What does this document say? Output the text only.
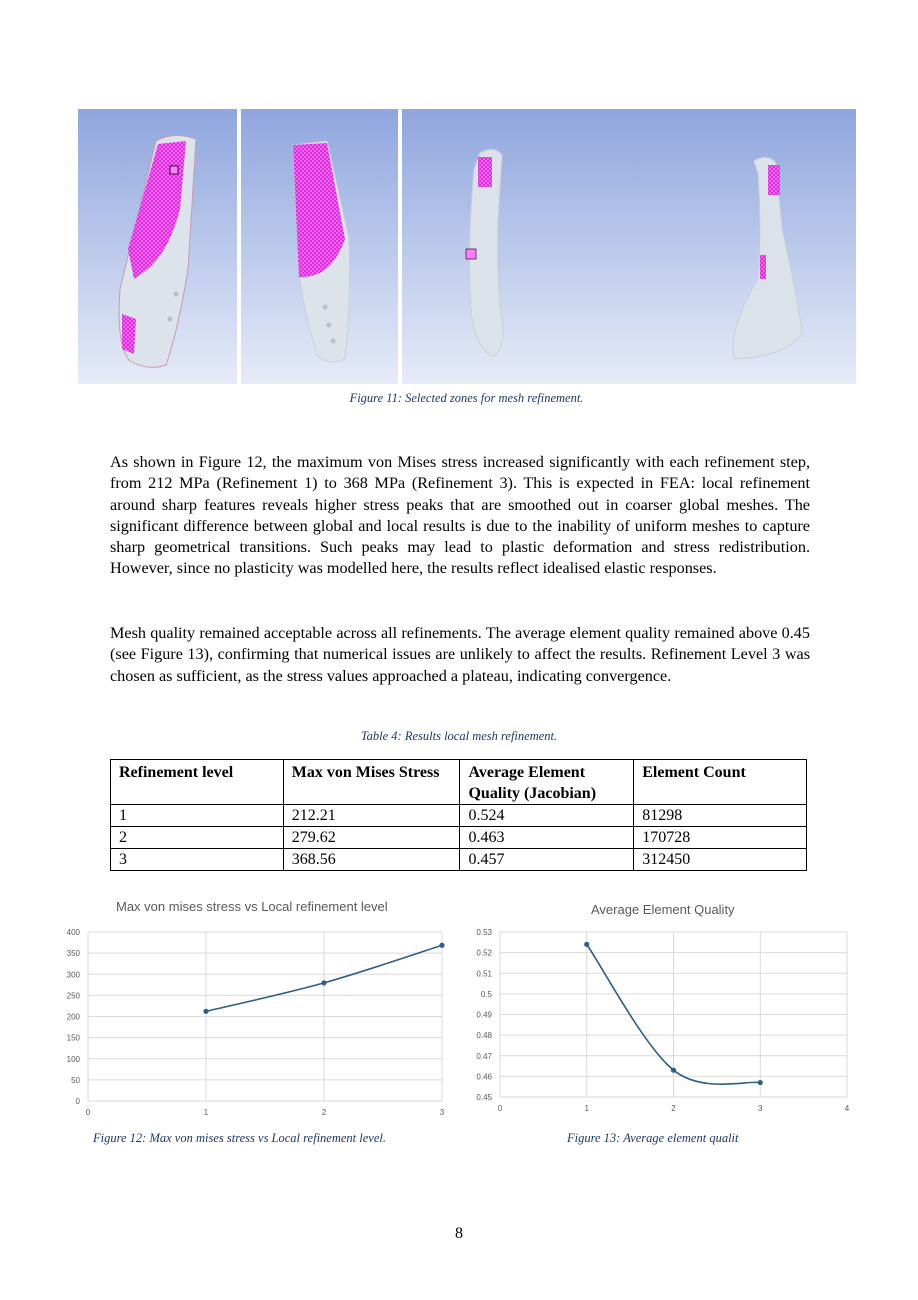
Figure 11: Selected zones for mesh refinement.

As shown in Figure 12, the maximum von Mises stress increased significantly with each refinement step, from 212 MPa (Refinement 1) to 368 MPa (Refinement 3). This is expected in FEA: local refinement around sharp features reveals higher stress peaks that are smoothed out in coarser global meshes. The significant difference between global and local results is due to the inability of uniform meshes to capture sharp geometrical transitions. Such peaks may lead to plastic deformation and stress redistribution. However, since no plasticity was modelled here, the results reflect idealised elastic responses.

Mesh quality remained acceptable across all refinements. The average element quality remained above 0.45 (see Figure 13), confirming that numerical issues are unlikely to affect the results. Refinement Level 3 was chosen as sufficient, as the stress values approached a plateau, indicating convergence.

Table 4: Results local mesh refinement.
Refinement level	Max von Mises Stress	Average Element Quality (Jacobian)	Element Count
1	212.21	0.524	81298
2	279.62	0.463	170728
3	368.56	0.457	312450
Max von mises stress vs Local refinement level
0
50
100
150
200
250
300
350
400
0	1	2	3
Average Element Quality
0.45
0.46
0.47
0.48
0.49
0.5
0.51
0.52
0.53
0	1	2	3	4
Figure 12: Max von mises stress vs Local refinement level.	Figure 13: Average element qualit
8
